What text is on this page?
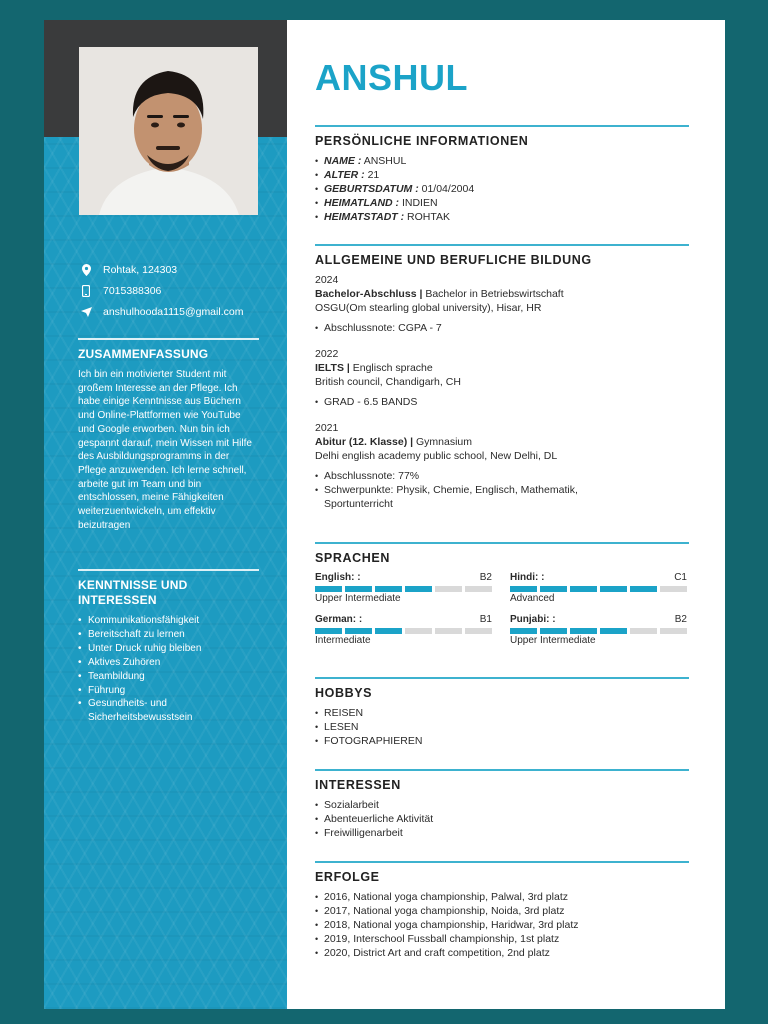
Rohtak, 124303
7015388306
anshulhooda1115@gmail.com
ZUSAMMENFASSUNG
Ich bin ein motivierter Student mit großem Interesse an der Pflege. Ich habe einige Kenntnisse aus Büchern und Online-Plattformen wie YouTube und Google erworben. Nun bin ich gespannt darauf, mein Wissen mit Hilfe des Ausbildungsprogramms in der Pflege anzuwenden. Ich lerne schnell, arbeite gut im Team und bin entschlossen, meine Fähigkeiten weiterzuentwickeln, um effektiv beizutragen
KENNTNISSE UND INTERESSEN
• Kommunikationsfähigkeit
• Bereitschaft zu lernen
• Unter Druck ruhig bleiben
• Aktives Zuhören
• Teambildung
• Führung
• Gesundheits- und Sicherheitsbewusstsein
ANSHUL
PERSÖNLICHE INFORMATIONEN
• NAME : ANSHUL
• ALTER : 21
• GEBURTSDATUM : 01/04/2004
• HEIMATLAND : INDIEN
• HEIMATSTADT : ROHTAK
ALLGEMEINE UND BERUFLICHE BILDUNG
2024
Bachelor-Abschluss | Bachelor in Betriebswirtschaft
OSGU(Om stearling global university), Hisar, HR
• Abschlussnote: CGPA - 7
2022
IELTS | Englisch sprache
British council, Chandigarh, CH
• GRAD - 6.5 BANDS
2021
Abitur (12. Klasse) | Gymnasium
Delhi english academy public school, New Delhi, DL
• Abschlussnote: 77%
• Schwerpunkte: Physik, Chemie, Englisch, Mathematik, Sportunterricht
SPRACHEN
English: :	B2
Upper Intermediate
Hindi: :	C1
Advanced
German: :	B1
Intermediate
Punjabi: :	B2
Upper Intermediate
HOBBYS
• REISEN
• LESEN
• FOTOGRAPHIEREN
INTERESSEN
• Sozialarbeit
• Abenteuerliche Aktivität
• Freiwilligenarbeit
ERFOLGE
• 2016, National yoga championship, Palwal, 3rd platz
• 2017, National yoga championship, Noida, 3rd platz
• 2018, National yoga championship, Haridwar, 3rd platz
• 2019, Interschool Fussball championship, 1st platz
• 2020, District Art and craft competition, 2nd platz
